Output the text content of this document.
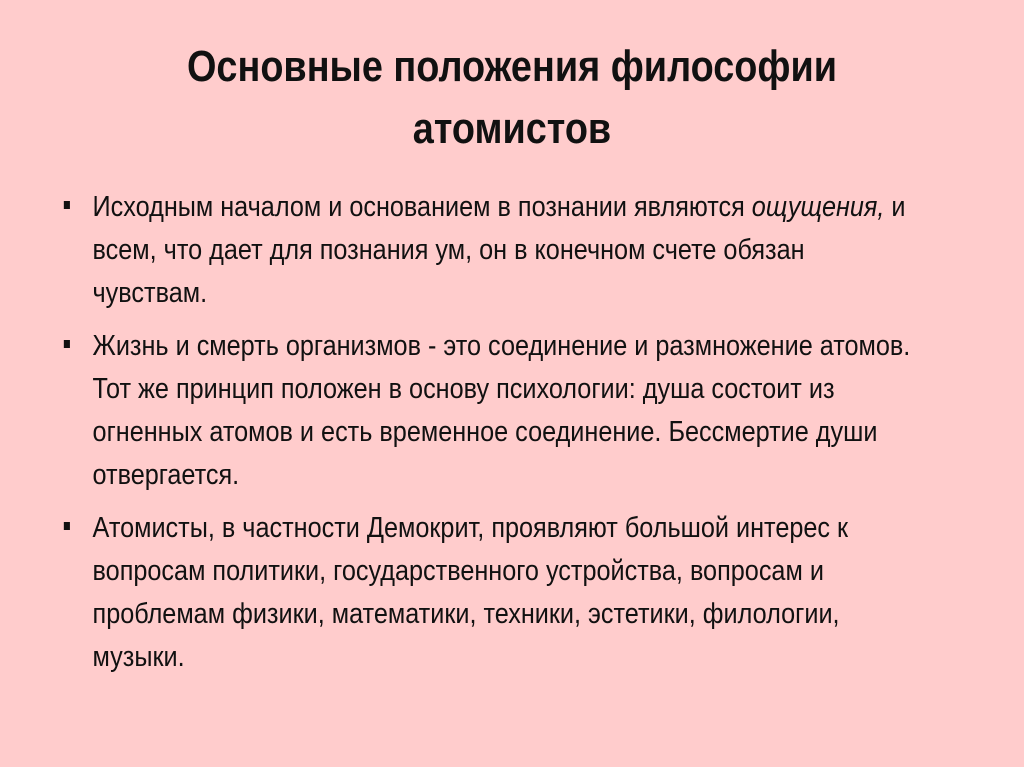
Основные положения философии
атомистов
Исходным началом и основанием в познании являются ощущения, и всем, что дает для познания ум, он в конечном счете обязан чувствам.
Жизнь и смерть организмов - это соединение и размножение атомов. Тот же принцип положен в основу психологии: душа состоит из огненных атомов и есть временное соединение. Бессмертие души отвергается.
Атомисты, в частности Демокрит, проявляют большой интерес к вопросам политики, государственного устройства, вопросам и проблемам физики, математики, техники, эстетики, филологии, музыки.
